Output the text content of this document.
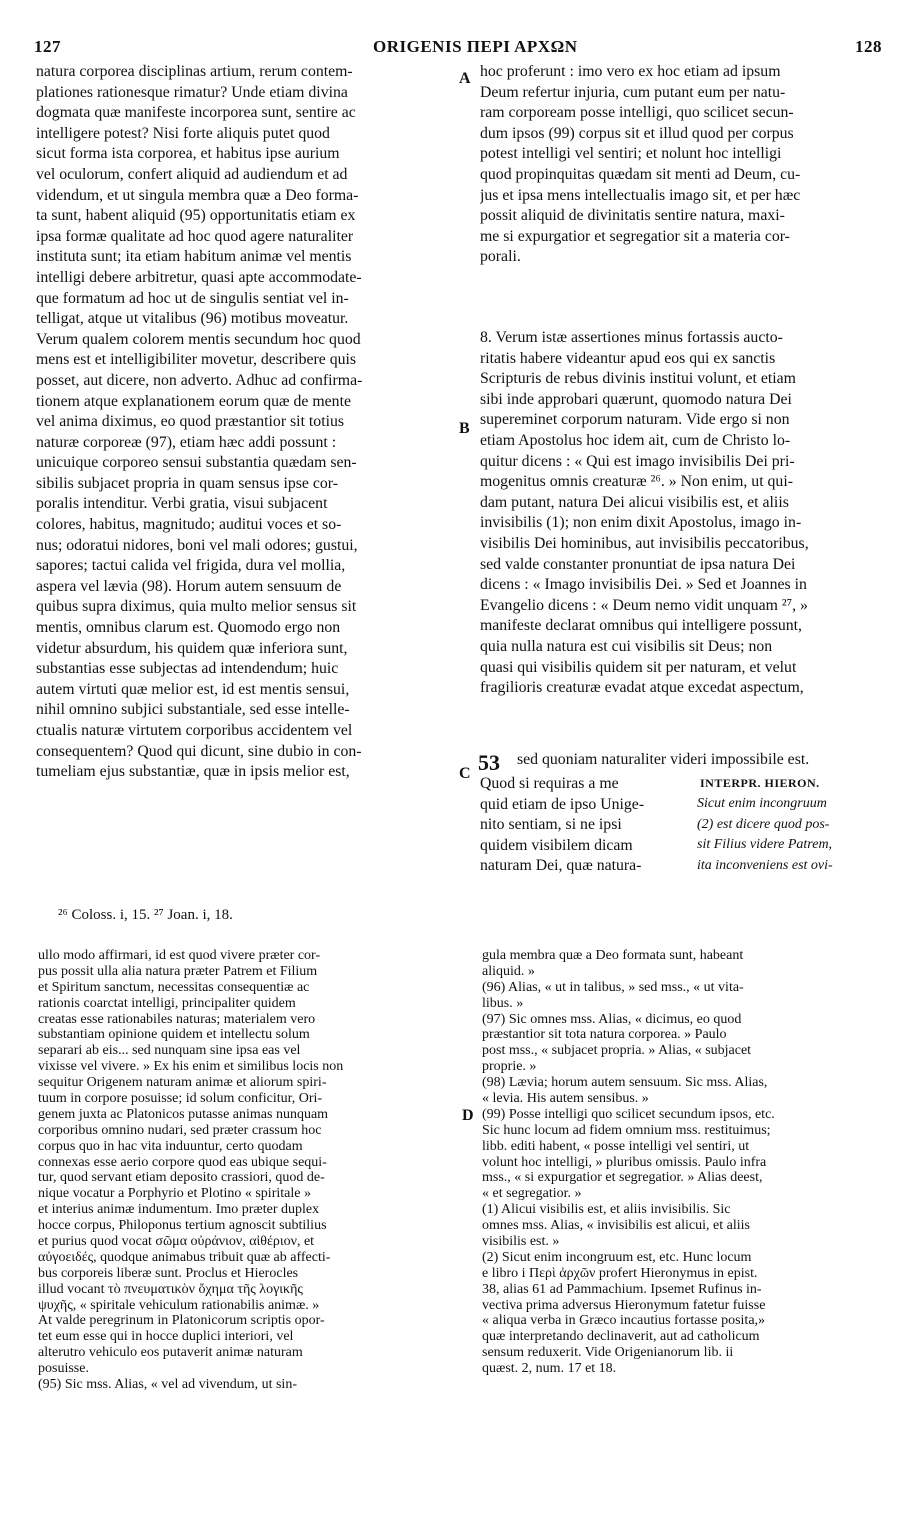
127	ORIGENIS ΠΕΡΙ ΑΡΧΩΝ	128
natura corporea disciplinas artium, rerum contem-
plationes rationesque rimatur? Unde etiam divina
dogmata quæ manifeste incorporea sunt, sentire ac
intelligere potest? Nisi forte aliquis putet quod
sicut forma ista corporea, et habitus ipse aurium
vel oculorum, confert aliquid ad audiendum et ad
videndum, et ut singula membra quæ a Deo forma-
ta sunt, habent aliquid (95) opportunitatis etiam ex
ipsa formæ qualitate ad hoc quod agere naturaliter
instituta sunt; ita etiam habitum animæ vel mentis
intelligi debere arbitretur, quasi apte accommodate-
que formatum ad hoc ut de singulis sentiat vel in-
telligat, atque ut vitalibus (96) motibus moveatur.
Verum qualem colorem mentis secundum hoc quod
mens est et intelligibiliter movetur, describere quis
posset, aut dicere, non adverto. Adhuc ad confirma-
tionem atque explanationem eorum quæ de mente
vel anima diximus, eo quod præstantior sit totius
naturæ corporeæ (97), etiam hæc addi possunt :
unicuique corporeo sensui substantia quædam sen-
sibilis subjacet propria in quam sensus ipse cor-
poralis intenditur. Verbi gratia, visui subjacent
colores, habitus, magnitudo; auditui voces et so-
nus; odoratui nidores, boni vel mali odores; gustui,
sapores; tactui calida vel frigida, dura vel mollia,
aspera vel lævia (98). Horum autem sensuum de
quibus supra diximus, quia multo melior sensus sit
mentis, omnibus clarum est. Quomodo ergo non
videtur absurdum, his quidem quæ inferiora sunt,
substantias esse subjectas ad intendendum; huic
autem virtuti quæ melior est, id est mentis sensui,
nihil omnino subjici substantiale, sed esse intelle-
ctualis naturæ virtutem corporibus accidentem vel
consequentem? Quod qui dicunt, sine dubio in con-
tumeliam ejus substantiæ, quæ in ipsis melior est,
A
B
C
D
hoc proferunt : imo vero ex hoc etiam ad ipsum
Deum refertur injuria, cum putant eum per natu-
ram corpoream posse intelligi, quo scilicet secun-
dum ipsos (99) corpus sit et illud quod per corpus
potest intelligi vel sentiri; et nolunt hoc intelligi
quod propinquitas quædam sit menti ad Deum, cu-
jus et ipsa mens intellectualis imago sit, et per hæc
possit aliquid de divinitatis sentire natura, maxi-
me si expurgatior et segregatior sit a materia cor-
porali.
8. Verum istæ assertiones minus fortassis aucto-
ritatis habere videantur apud eos qui ex sanctis
Scripturis de rebus divinis institui volunt, et etiam
sibi inde approbari quærunt, quomodo natura Dei
supereminet corporum naturam. Vide ergo si non
etiam Apostolus hoc idem ait, cum de Christo lo-
quitur dicens : « Qui est imago invisibilis Dei pri-
mogenitus omnis creaturæ ²⁶. » Non enim, ut qui-
dam putant, natura Dei alicui visibilis est, et aliis
invisibilis (1); non enim dixit Apostolus, imago in-
visibilis Dei hominibus, aut invisibilis peccatoribus,
sed valde constanter pronuntiat de ipsa natura Dei
dicens : « Imago invisibilis Dei. » Sed et Joannes in
Evangelio dicens : « Deum nemo vidit unquam ²⁷, »
manifeste declarat omnibus qui intelligere possunt,
quia nulla natura est cui visibilis sit Deus; non
quasi qui visibilis quidem sit per naturam, et velut
fragilioris creaturæ evadat atque excedat aspectum,
53 sed quoniam naturaliter videri impossibile est.
Quod si requiras a me
quid etiam de ipso Unige-
nito sentiam, si ne ipsi
quidem visibilem dicam
naturam Dei, quæ natura-
INTERPR. HIERON.
Sicut enim incongruum
(2) est dicere quod pos-
sit Filius videre Patrem,
ita inconveniens est ovi-
²⁶ Coloss. i, 15. ²⁷ Joan. i, 18.
ullo modo affirmari, id est quod vivere præter cor-
pus possit ulla alia natura præter Patrem et Filium
et Spiritum sanctum, necessitas consequentiæ ac
rationis coarctat intelligi, principaliter quidem
creatas esse rationabiles naturas; materialem vero
substantiam opinione quidem et intellectu solum
separari ab eis... sed nunquam sine ipsa eas vel
vixisse vel vivere. » Ex his enim et similibus locis non
sequitur Origenem naturam animæ et aliorum spiri-
tuum in corpore posuisse; id solum conficitur, Ori-
genem juxta ac Platonicos putasse animas nunquam
corporibus omnino nudari, sed præter crassum hoc
corpus quo in hac vita induuntur, certo quodam
connexas esse aerio corpore quod eas ubique sequi-
tur, quod servant etiam deposito crassiori, quod de-
nique vocatur a Porphyrio et Plotino « spiritale »
et interius animæ indumentum. Imo præter duplex
hocce corpus, Philoponus tertium agnoscit subtilius
et purius quod vocat σῶμα οὐράνιον, αἰθέριον, et
αὐγοειδές, quodque animabus tribuit quæ ab affecti-
bus corporeis liberæ sunt. Proclus et Hierocles
illud vocant τὸ πνευματικὸν ὄχημα τῆς λογικῆς
ψυχῆς, « spiritale vehiculum rationabilis animæ. »
At valde peregrinum in Platonicorum scriptis opor-
tet eum esse qui in hocce duplici interiori, vel
alterutro vehiculo eos putaverit animæ naturam
posuisse.
(95) Sic mss. Alias, « vel ad vivendum, ut sin-
gula membra quæ a Deo formata sunt, habeant
aliquid. »
(96) Alias, « ut in talibus, » sed mss., « ut vita-
libus. »
(97) Sic omnes mss. Alias, « dicimus, eo quod
præstantior sit tota natura corporea. » Paulo
post mss., « subjacet propria. » Alias, « subjacet
proprie. »
(98) Lævia; horum autem sensuum. Sic mss. Alias,
« levia. His autem sensibus. »
(99) Posse intelligi quo scilicet secundum ipsos, etc.
Sic hunc locum ad fidem omnium mss. restituimus;
libb. editi habent, « posse intelligi vel sentiri, ut
volunt hoc intelligi, » pluribus omissis. Paulo infra
mss., « si expurgatior et segregatior. » Alias deest,
« et segregatior. »
(1) Alicui visibilis est, et aliis invisibilis. Sic
omnes mss. Alias, « invisibilis est alicui, et aliis
visibilis est. »
(2) Sicut enim incongruum est, etc. Hunc locum
e libro i Περὶ ἀρχῶν profert Hieronymus in epist.
38, alias 61 ad Pammachium. Ipsemet Rufinus in-
vectiva prima adversus Hieronymum fatetur fuisse
« aliqua verba in Græco incautius fortasse posita,»
quæ interpretando declinaverit, aut ad catholicum
sensum reduxerit. Vide Origenianorum lib. ii
quæst. 2, num. 17 et 18.
